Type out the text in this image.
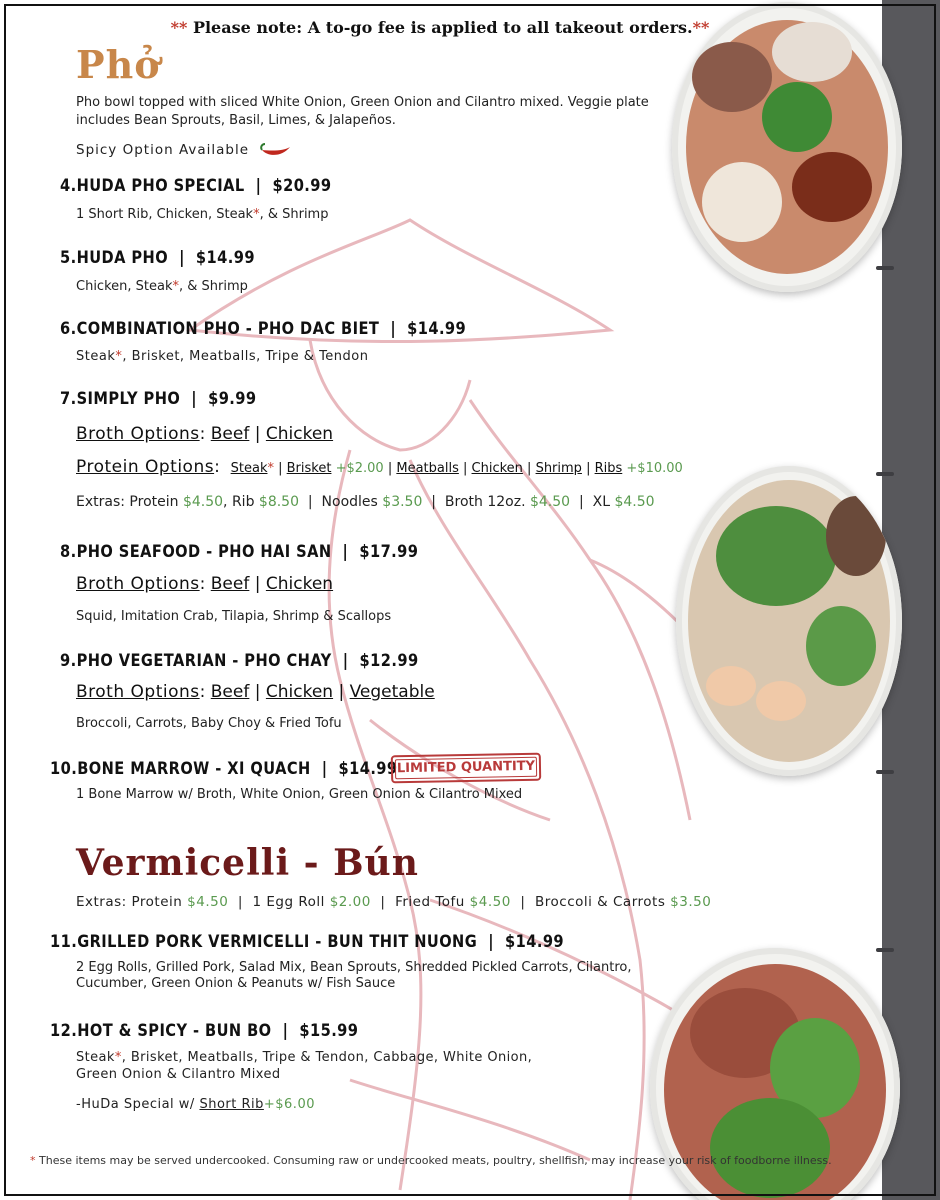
** Please note: A to-go fee is applied to all takeout orders.**
Phở
Pho bowl topped with sliced White Onion, Green Onion and Cilantro mixed. Veggie plate includes Bean Sprouts, Basil, Limes, & Jalapeños.
Spicy Option Available
4.HUDA PHO SPECIAL | $20.99
1 Short Rib, Chicken, Steak*, & Shrimp
5.HUDA PHO | $14.99
Chicken, Steak*, & Shrimp
6.COMBINATION PHO - PHO DAC BIET | $14.99
Steak*, Brisket, Meatballs, Tripe & Tendon
7.SIMPLY PHO | $9.99
Broth Options: Beef | Chicken
Protein Options:  Steak* | Brisket +$2.00 | Meatballs | Chicken | Shrimp | Ribs +$10.00
Extras: Protein $4.50, Rib $8.50  |  Noodles $3.50  |  Broth 12oz. $4.50  |  XL $4.50
8.PHO SEAFOOD - PHO HAI SAN | $17.99
Broth Options: Beef | Chicken
Squid, Imitation Crab, Tilapia, Shrimp & Scallops
9.PHO VEGETARIAN - PHO CHAY | $12.99
Broth Options: Beef | Chicken | Vegetable
Broccoli, Carrots, Baby Choy & Fried Tofu
10.BONE MARROW - XI QUACH | $14.99 LIMITED QUANTITY
1 Bone Marrow w/ Broth, White Onion, Green Onion & Cilantro Mixed
Vermicelli - Bún
Extras: Protein $4.50  |  1 Egg Roll $2.00  |  Fried Tofu $4.50  |  Broccoli & Carrots $3.50
11.GRILLED PORK VERMICELLI - BUN THIT NUONG | $14.99
2 Egg Rolls, Grilled Pork, Salad Mix, Bean Sprouts, Shredded Pickled Carrots, Cilantro,
Cucumber, Green Onion & Peanuts w/ Fish Sauce
12.HOT & SPICY - BUN BO | $15.99
Steak*, Brisket, Meatballs, Tripe & Tendon, Cabbage, White Onion,
Green Onion & Cilantro Mixed
-HuDa Special w/ Short Rib+$6.00
* These items may be served undercooked. Consuming raw or undercooked meats, poultry, shellfish, may increase your risk of foodborne illness.
